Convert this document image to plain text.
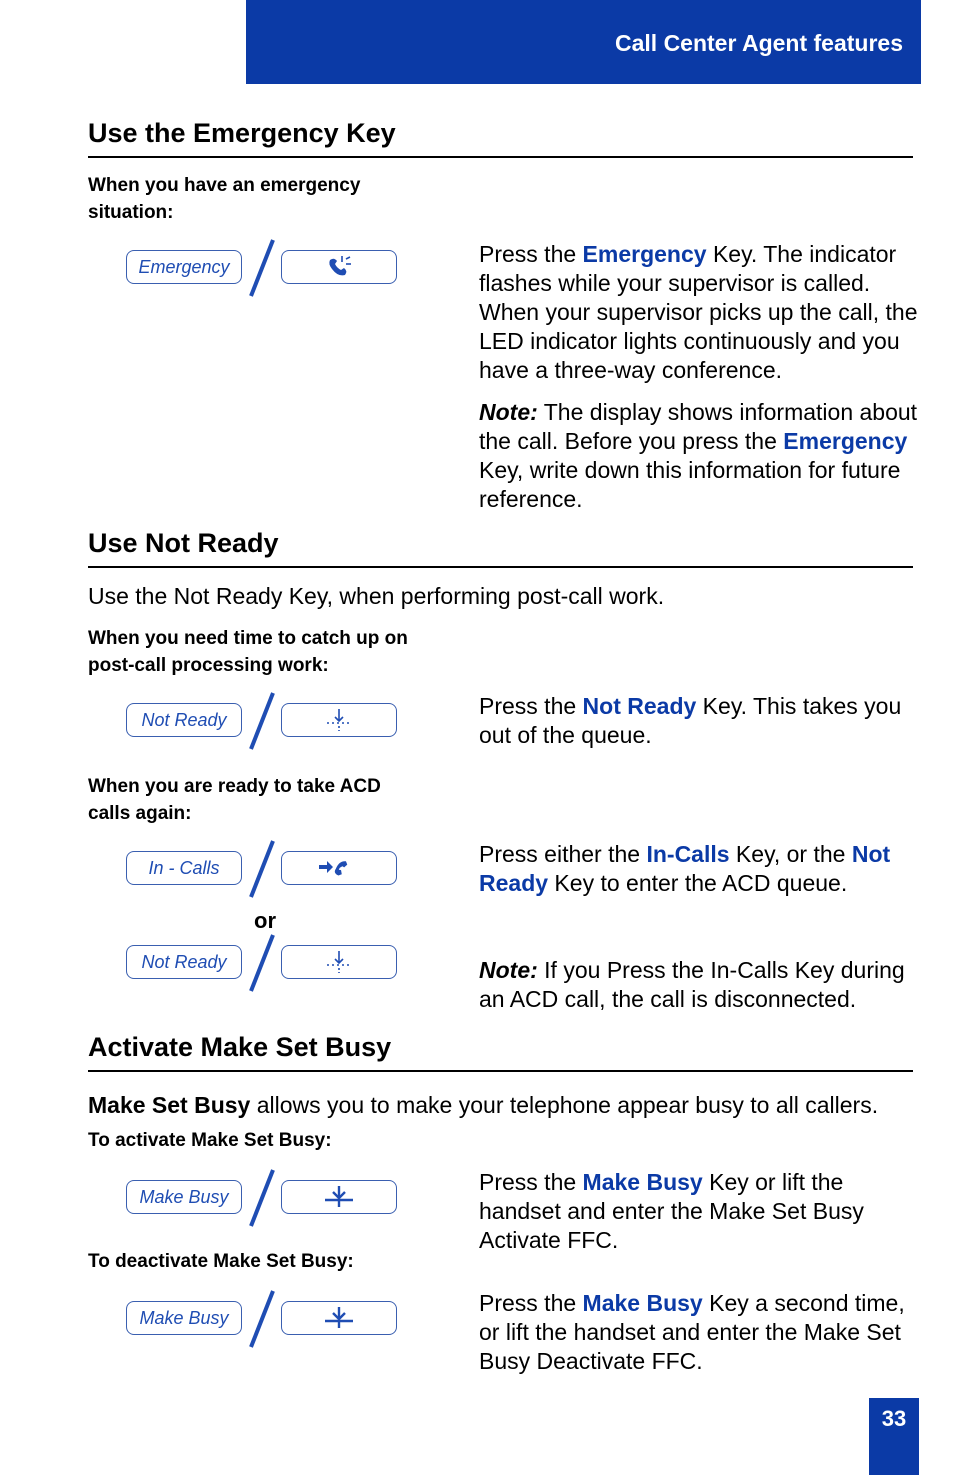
Call Center Agent features
Use the Emergency Key
When you have an emergency situation:
Emergency	Press the Emergency Key. The indicator flashes while your supervisor is called. When your supervisor picks up the call, the LED indicator lights continuously and you have a three-way conference.
Note: The display shows information about the call. Before you press the Emergency Key, write down this information for future reference.
Use Not Ready
Use the Not Ready Key, when performing post-call work.
When you need time to catch up on post-call processing work:
Not Ready
Press the Not Ready Key. This takes you out of the queue.
When you are ready to take ACD calls again:
In - Calls
or
Not Ready
Press either the In-Calls Key, or the Not Ready Key to enter the ACD queue.
Note: If you Press the In-Calls Key during an ACD call, the call is disconnected.
Activate Make Set Busy
Make Set Busy allows you to make your telephone appear busy to all callers.
To activate Make Set Busy:
Make Busy
Press the Make Busy Key or lift the handset and enter the Make Set Busy Activate FFC.
To deactivate Make Set Busy:
Make Busy
Press the Make Busy Key a second time, or lift the handset and enter the Make Set Busy Deactivate FFC.
33
